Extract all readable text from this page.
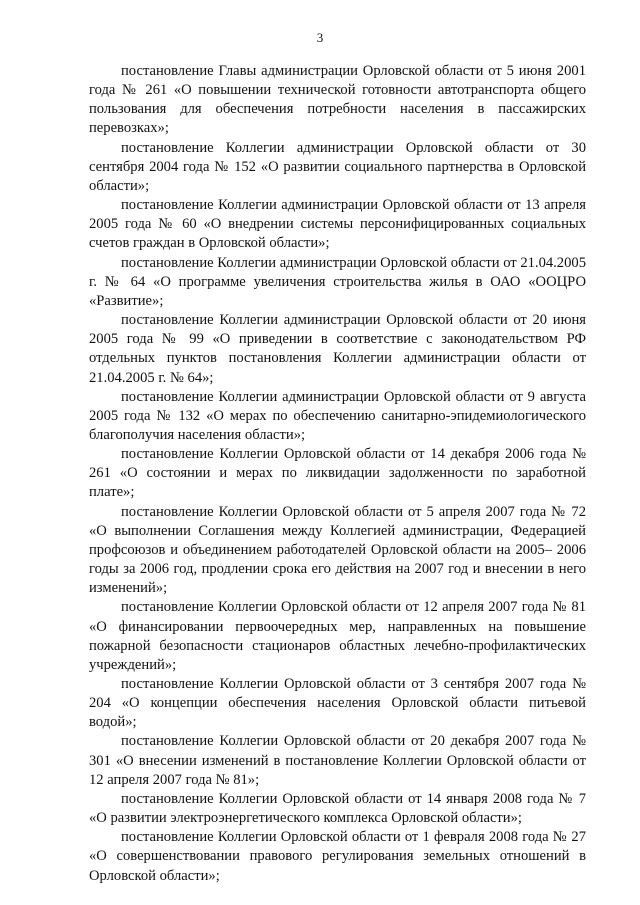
3

постановление Главы администрации Орловской области от 5 июня 2001 года № 261 «О повышении технической готовности автотранспорта общего пользования для обеспечения потребности населения в пассажирских перевозках»;

постановление Коллегии администрации Орловской области от 30 сентября 2004 года № 152 «О развитии социального партнерства в Орловской области»;

постановление Коллегии администрации Орловской области от 13 апреля 2005 года № 60 «О внедрении системы персонифицированных социальных счетов граждан в Орловской области»;

постановление Коллегии администрации Орловской области от 21.04.2005 г. № 64 «О программе увеличения строительства жилья в ОАО «ООЦРО «Развитие»;

постановление Коллегии администрации Орловской области от 20 июня 2005 года № 99 «О приведении в соответствие с законодательством РФ отдельных пунктов постановления Коллегии администрации области от 21.04.2005 г. № 64»;

постановление Коллегии администрации Орловской области от 9 августа 2005 года № 132 «О мерах по обеспечению санитарно-эпидемиологического благополучия населения области»;

постановление Коллегии Орловской области от 14 декабря 2006 года № 261 «О состоянии и мерах по ликвидации задолженности по заработной плате»;

постановление Коллегии Орловской области от 5 апреля 2007 года № 72 «О выполнении Соглашения между Коллегией администрации, Федерацией профсоюзов и объединением работодателей Орловской области на 2005– 2006 годы за 2006 год, продлении срока его действия на 2007 год и внесении в него изменений»;

постановление Коллегии Орловской области от 12 апреля 2007 года № 81 «О финансировании первоочередных мер, направленных на повышение пожарной безопасности стационаров областных лечебно-профилактических учреждений»;

постановление Коллегии Орловской области от 3 сентября 2007 года № 204 «О концепции обеспечения населения Орловской области питьевой водой»;

постановление Коллегии Орловской области от 20 декабря 2007 года № 301 «О внесении изменений в постановление Коллегии Орловской области от 12 апреля 2007 года № 81»;

постановление Коллегии Орловской области от 14 января 2008 года № 7 «О развитии электроэнергетического комплекса Орловской области»;

постановление Коллегии Орловской области от 1 февраля 2008 года № 27 «О совершенствовании правового регулирования земельных отношений в Орловской области»;
